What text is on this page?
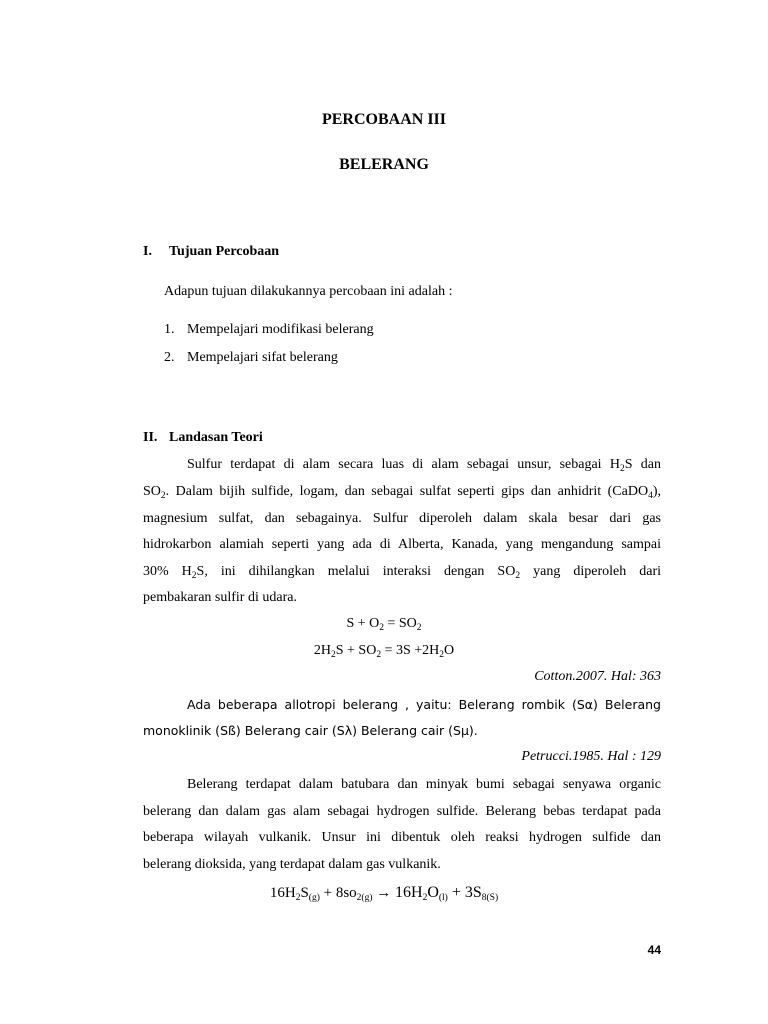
PERCOBAAN III
BELERANG
I. Tujuan Percobaan
Adapun tujuan dilakukannya percobaan ini adalah :
1. Mempelajari modifikasi belerang
2. Mempelajari sifat belerang
II. Landasan Teori
Sulfur terdapat di alam secara luas di alam sebagai unsur, sebagai $H_2S$ dan
$SO_2$. Dalam bijih sulfide, logam, dan sebagai sulfat seperti gips dan anhidrit (CaDO$_4$),
magnesium sulfat, dan sebagainya. Sulfur diperoleh dalam skala besar dari gas
hidrokarbon alamiah seperti yang ada di Alberta, Kanada, yang mengandung sampai
30% $H_2S$, ini dihilangkan melalui interaksi dengan $SO_2$ yang diperoleh dari
pembakaran sulfir di udara.
$S + O_2 = SO_2$
$2H_2S + SO_2 = 3S +2H_2O$
Cotton.2007. Hal: 363
Ada beberapa allotropi belerang , yaitu: Belerang rombik (Sα) Belerang
monoklinik (Sß) Belerang cair (Sλ) Belerang cair (Sμ).
Petrucci.1985. Hal : 129
Belerang terdapat dalam batubara dan minyak bumi sebagai senyawa organic
belerang dan dalam gas alam sebagai hydrogen sulfide. Belerang bebas terdapat pada
beberapa wilayah vulkanik. Unsur ini dibentuk oleh reaksi hydrogen sulfide dan
belerang dioksida, yang terdapat dalam gas vulkanik.
$16H_2S_{(g)} + 8so_{2(g)} \to 16H_2O_{(l)} + 3S_{8(S)}$
44
